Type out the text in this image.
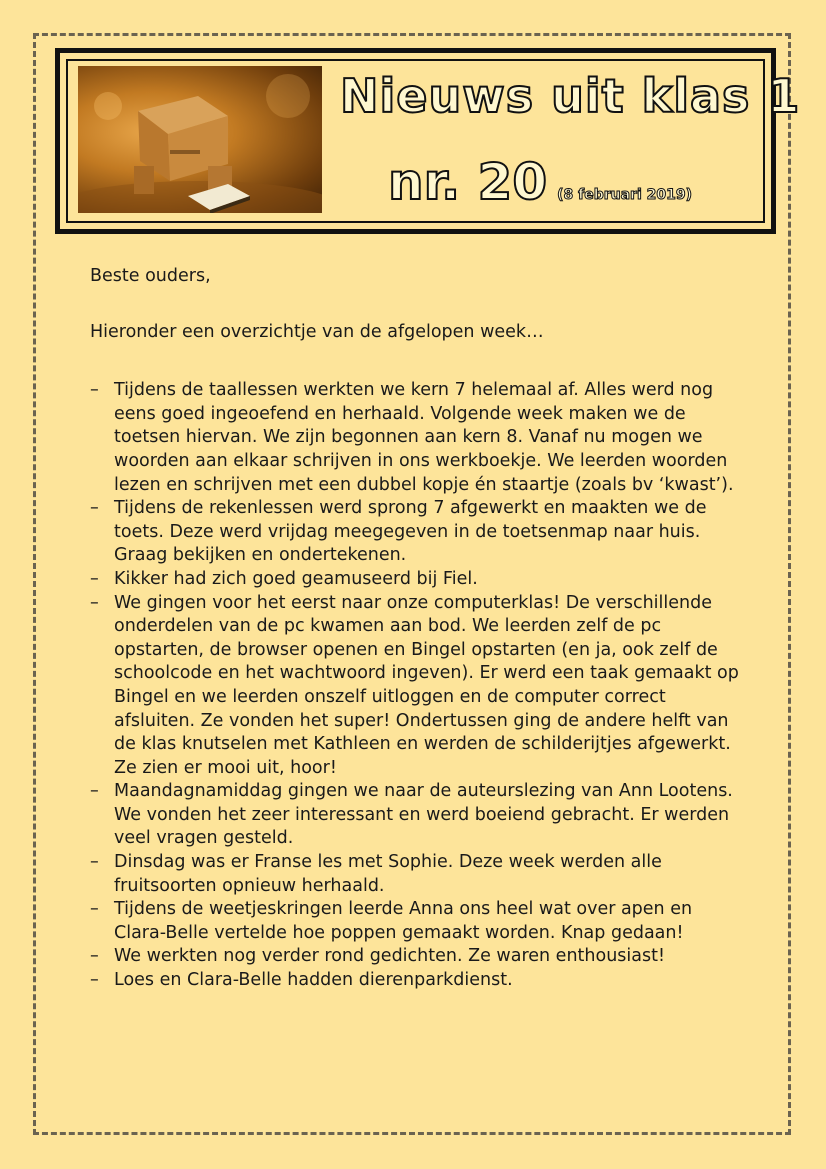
Nieuws uit klas 1
nr. 20 (8 februari 2019)

Beste ouders,

Hieronder een overzichtje van de afgelopen week…

– Tijdens de taallessen werkten we kern 7 helemaal af. Alles werd nog eens goed ingeoefend en herhaald. Volgende week maken we de toetsen hiervan. We zijn begonnen aan kern 8. Vanaf nu mogen we woorden aan elkaar schrijven in ons werkboekje. We leerden woorden lezen en schrijven met een dubbel kopje én staartje (zoals bv ‘kwast’).
– Tijdens de rekenlessen werd sprong 7 afgewerkt en maakten we de toets. Deze werd vrijdag meegegeven in de toetsenmap naar huis. Graag bekijken en ondertekenen.
– Kikker had zich goed geamuseerd bij Fiel.
– We gingen voor het eerst naar onze computerklas! De verschillende onderdelen van de pc kwamen aan bod. We leerden zelf de pc opstarten, de browser openen en Bingel opstarten (en ja, ook zelf de schoolcode en het wachtwoord ingeven). Er werd een taak gemaakt op Bingel en we leerden onszelf uitloggen en de computer correct afsluiten. Ze vonden het super! Ondertussen ging de andere helft van de klas knutselen met Kathleen en werden de schilderijtjes afgewerkt. Ze zien er mooi uit, hoor!
– Maandagnamiddag gingen we naar de auteurslezing van Ann Lootens. We vonden het zeer interessant en werd boeiend gebracht. Er werden veel vragen gesteld.
– Dinsdag was er Franse les met Sophie. Deze week werden alle fruitsoorten opnieuw herhaald.
– Tijdens de weetjeskringen leerde Anna ons heel wat over apen en Clara-Belle vertelde hoe poppen gemaakt worden. Knap gedaan!
– We werkten nog verder rond gedichten. Ze waren enthousiast!
– Loes en Clara-Belle hadden dierenparkdienst.
